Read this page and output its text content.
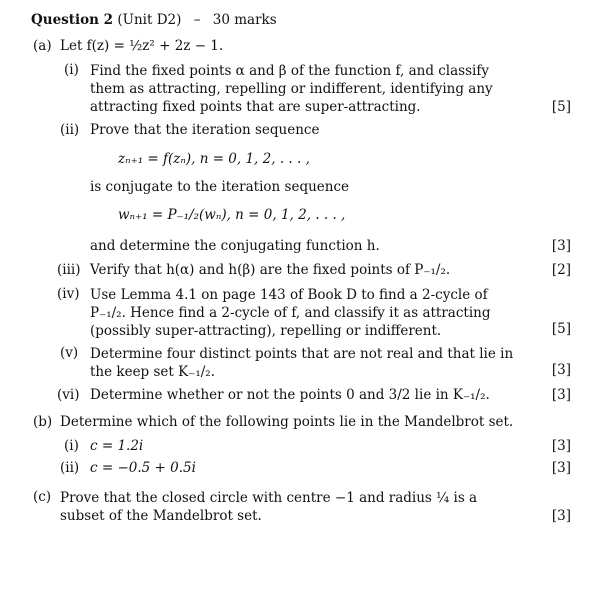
Question 2 (Unit D2) – 30 marks
(a) Let f(z) = ½z² + 2z − 1.
(i) Find the fixed points α and β of the function f, and classify them as attracting, repelling or indifferent, identifying any attracting fixed points that are super-attracting.	[5]
(ii) Prove that the iteration sequence
zₙ₊₁ = f(zₙ), n = 0, 1, 2, . . . ,
is conjugate to the iteration sequence
wₙ₊₁ = P₋₁/₂(wₙ), n = 0, 1, 2, . . . ,
and determine the conjugating function h.	[3]
(iii) Verify that h(α) and h(β) are the fixed points of P₋₁/₂.	[2]
(iv) Use Lemma 4.1 on page 143 of Book D to find a 2-cycle of P₋₁/₂. Hence find a 2-cycle of f, and classify it as attracting (possibly super-attracting), repelling or indifferent.	[5]
(v) Determine four distinct points that are not real and that lie in the keep set K₋₁/₂.	[3]
(vi) Determine whether or not the points 0 and 3/2 lie in K₋₁/₂.	[3]
(b) Determine which of the following points lie in the Mandelbrot set.
(i) c = 1.2i	[3]
(ii) c = −0.5 + 0.5i	[3]
(c) Prove that the closed circle with centre −1 and radius ¼ is a subset of the Mandelbrot set.	[3]
